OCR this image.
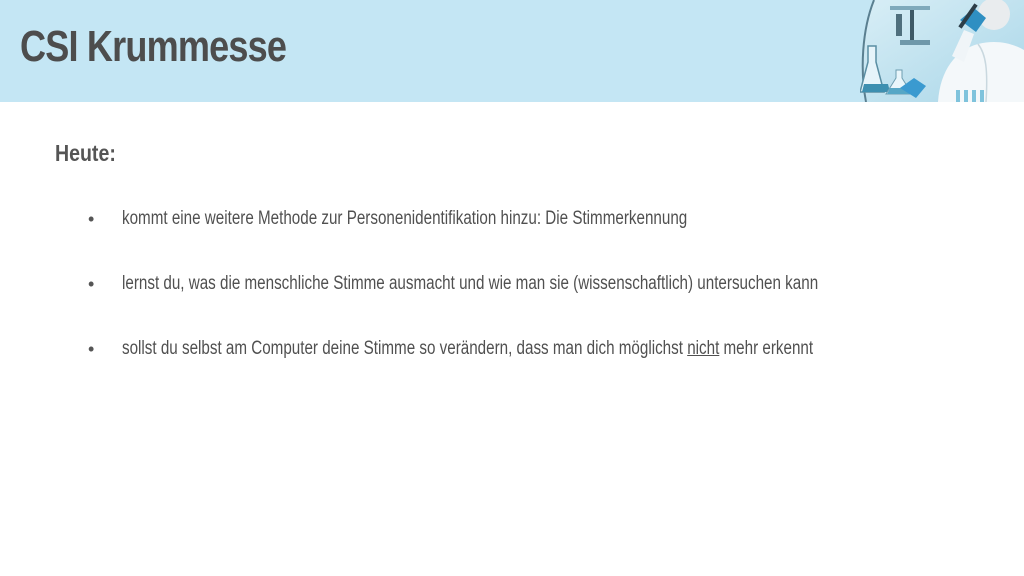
CSI Krummesse
Heute:
• kommt eine weitere Methode zur Personenidentifikation hinzu: Die Stimmerkennung
• lernst du, was die menschliche Stimme ausmacht und wie man sie (wissenschaftlich) untersuchen kann
• sollst du selbst am Computer deine Stimme so verändern, dass man dich möglichst nicht mehr erkennt
